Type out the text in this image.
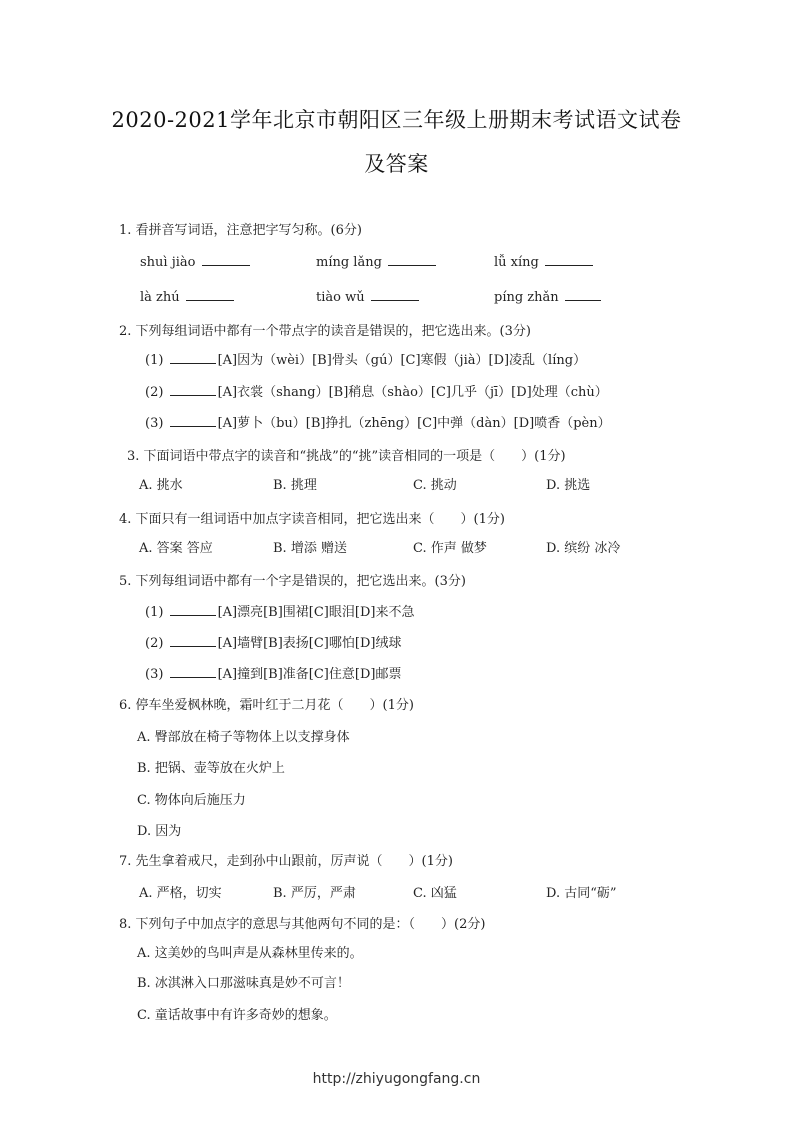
2020-2021学年北京市朝阳区三年级上册期末考试语文试卷
及答案
1. 看拼音写词语，注意把字写匀称。(6分)
shuì jiào	míng lǎng	lǚ xíng
là zhú	tiào wǔ	píng zhǎn
2. 下列每组词语中都有一个带点字的读音是错误的，把它选出来。(3分)
(1)	[A]因为（wèi）[B]骨头（gú）[C]寒假（jià）[D]凌乱（líng）
(2)	[A]衣裳（shang）[B]稍息（shào）[C]几乎（jī）[D]处理（chù）
(3)	[A]萝卜（bu）[B]挣扎（zhēng）[C]中弹（dàn）[D]喷香（pèn）
3. 下面词语中带点字的读音和“挑战”的“挑”读音相同的一项是（　　）(1分)
A. 挑水	B. 挑理	C. 挑动	D. 挑选
4. 下面只有一组词语中加点字读音相同，把它选出来（　　）(1分)
A. 答案 答应	B. 增添 赠送	C. 作声 做梦	D. 缤纷 冰冷
5. 下列每组词语中都有一个字是错误的，把它选出来。(3分)
(1)	[A]漂亮[B]围裙[C]眼泪[D]来不急
(2)	[A]墙臂[B]表扬[C]哪怕[D]绒球
(3)	[A]撞到[B]准备[C]住意[D]邮票
6. 停车坐爱枫林晚，霜叶红于二月花（　　）(1分)
A. 臀部放在椅子等物体上以支撑身体
B. 把锅、壶等放在火炉上
C. 物体向后施压力
D. 因为
7. 先生拿着戒尺，走到孙中山跟前，厉声说（　　）(1分)
A. 严格，切实	B. 严厉，严肃	C. 凶猛	D. 古同“砺”
8. 下列句子中加点字的意思与其他两句不同的是：（　　）(2分)
A. 这美妙的鸟叫声是从森林里传来的。
B. 冰淇淋入口那滋味真是妙不可言！
C. 童话故事中有许多奇妙的想象。
http://zhiyugongfang.cn
